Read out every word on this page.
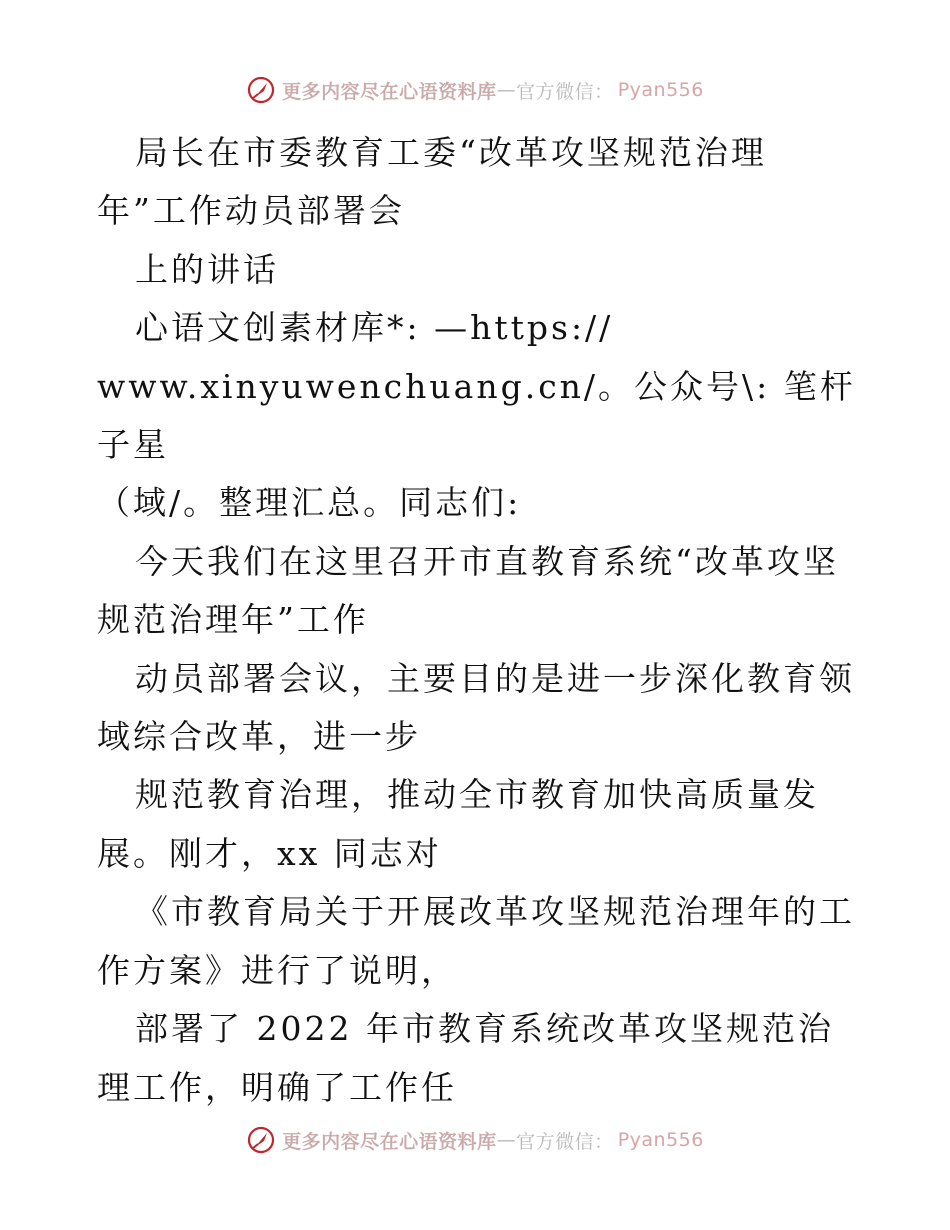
更多内容尽在心语资料库 — 官方微信： Pyan556

局长在市委教育工委“改革攻坚规范治理年”工作动员部署会

上的讲话

心语文创素材库*: —https://

www.xinyuwenchuang.cn/。公众号\: 笔杆子星

（域/。整理汇总。同志们:

今天我们在这里召开市直教育系统“改革攻坚规范治理年”工作

动员部署会议，主要目的是进一步深化教育领域综合改革，进一步

规范教育治理，推动全市教育加快高质量发展。刚才，xx 同志对

《市教育局关于开展改革攻坚规范治理年的工作方案》进行了说明，

部署了 2022 年市教育系统改革攻坚规范治理工作，明确了工作任

更多内容尽在心语资料库 — 官方微信： Pyan556
